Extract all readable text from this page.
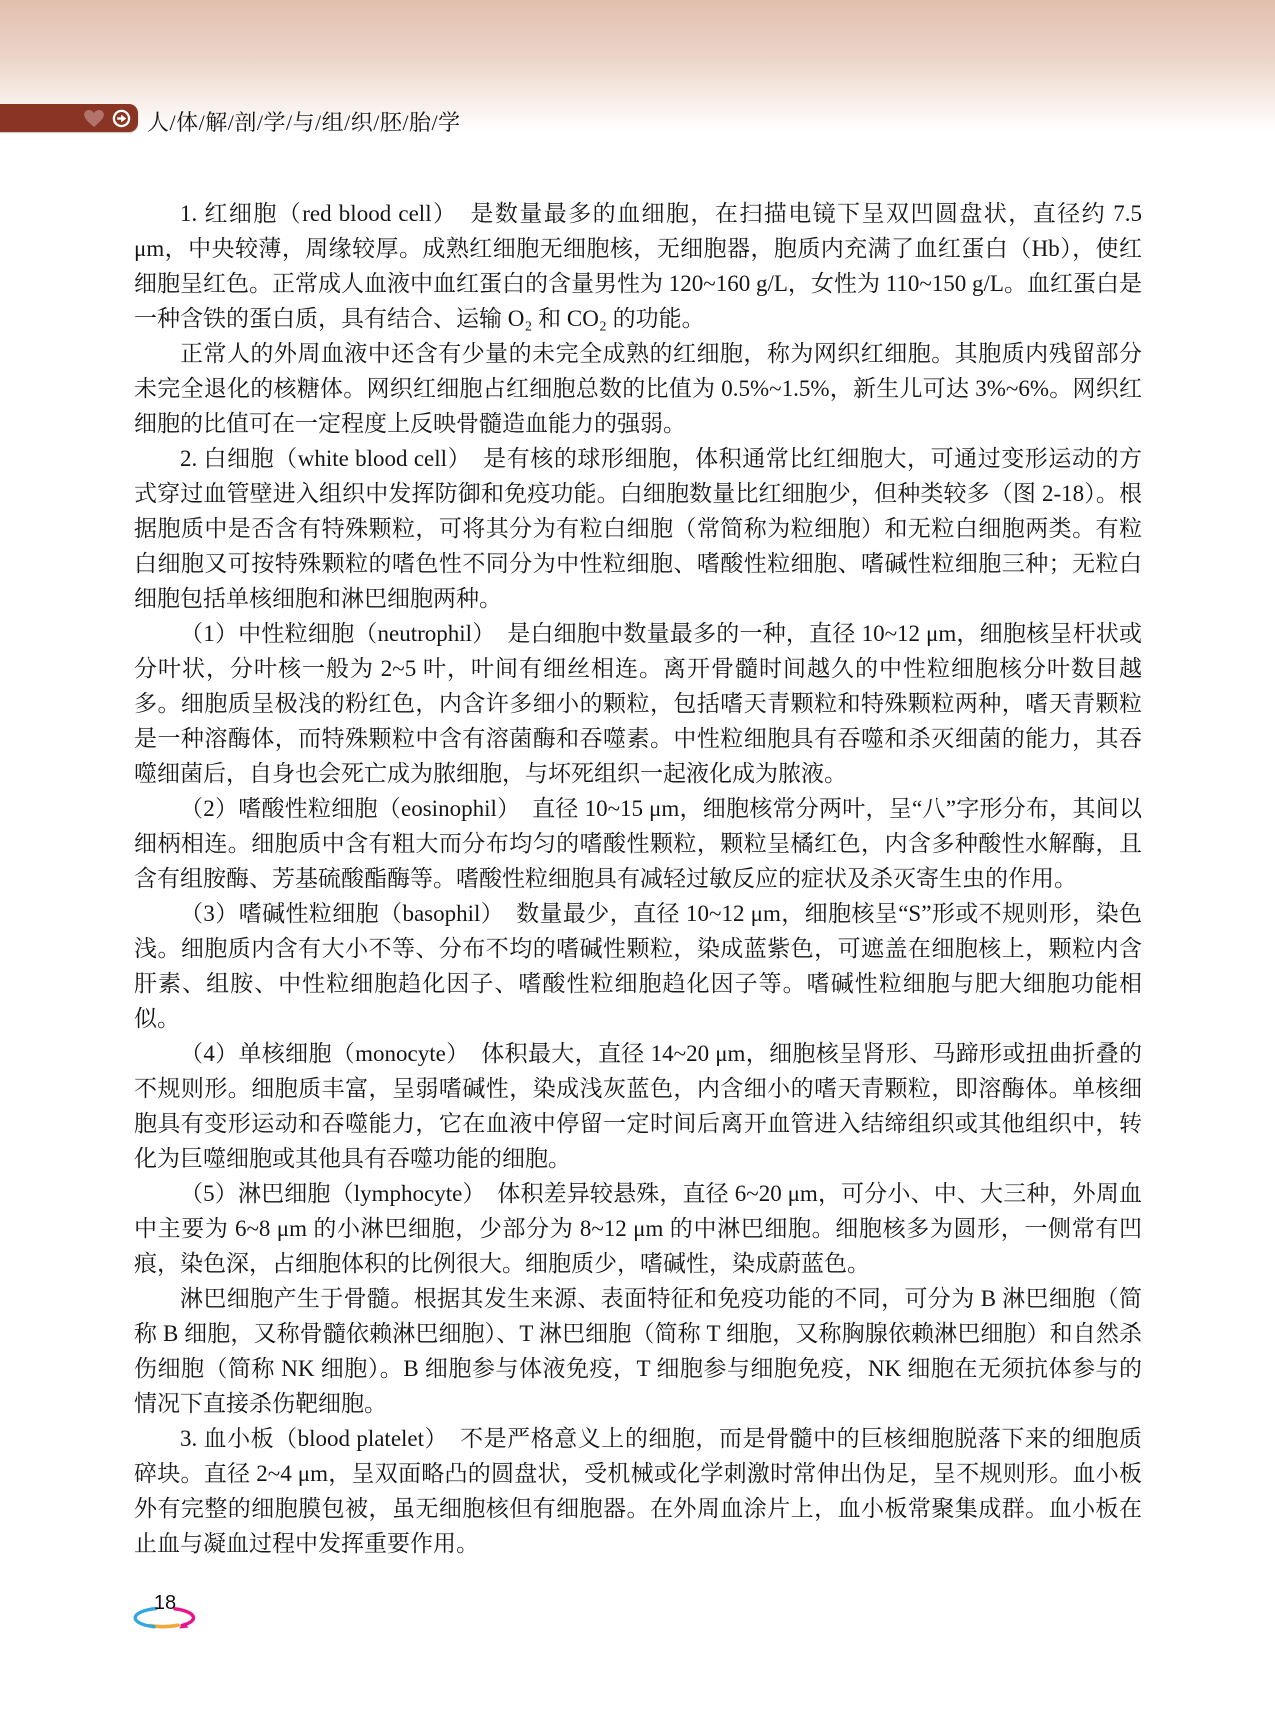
人/体/解/剖/学/与/组/织/胚/胎/学

1. 红细胞（red blood cell）　是数量最多的血细胞，在扫描电镜下呈双凹圆盘状，直径约 7.5 μm，中央较薄，周缘较厚。成熟红细胞无细胞核，无细胞器，胞质内充满了血红蛋白（Hb），使红细胞呈红色。正常成人血液中血红蛋白的含量男性为 120~160 g/L，女性为 110~150 g/L。血红蛋白是一种含铁的蛋白质，具有结合、运输 O₂ 和 CO₂ 的功能。

正常人的外周血液中还含有少量的未完全成熟的红细胞，称为网织红细胞。其胞质内残留部分未完全退化的核糖体。网织红细胞占红细胞总数的比值为 0.5%~1.5%，新生儿可达 3%~6%。网织红细胞的比值可在一定程度上反映骨髓造血能力的强弱。

2. 白细胞（white blood cell）　是有核的球形细胞，体积通常比红细胞大，可通过变形运动的方式穿过血管壁进入组织中发挥防御和免疫功能。白细胞数量比红细胞少，但种类较多（图 2-18）。根据胞质中是否含有特殊颗粒，可将其分为有粒白细胞（常简称为粒细胞）和无粒白细胞两类。有粒白细胞又可按特殊颗粒的嗜色性不同分为中性粒细胞、嗜酸性粒细胞、嗜碱性粒细胞三种；无粒白细胞包括单核细胞和淋巴细胞两种。

（1）中性粒细胞（neutrophil）　是白细胞中数量最多的一种，直径 10~12 μm，细胞核呈杆状或分叶状，分叶核一般为 2~5 叶，叶间有细丝相连。离开骨髓时间越久的中性粒细胞核分叶数目越多。细胞质呈极浅的粉红色，内含许多细小的颗粒，包括嗜天青颗粒和特殊颗粒两种，嗜天青颗粒是一种溶酶体，而特殊颗粒中含有溶菌酶和吞噬素。中性粒细胞具有吞噬和杀灭细菌的能力，其吞噬细菌后，自身也会死亡成为脓细胞，与坏死组织一起液化成为脓液。

（2）嗜酸性粒细胞（eosinophil）　直径 10~15 μm，细胞核常分两叶，呈“八”字形分布，其间以细柄相连。细胞质中含有粗大而分布均匀的嗜酸性颗粒，颗粒呈橘红色，内含多种酸性水解酶，且含有组胺酶、芳基硫酸酯酶等。嗜酸性粒细胞具有减轻过敏反应的症状及杀灭寄生虫的作用。

（3）嗜碱性粒细胞（basophil）　数量最少，直径 10~12 μm，细胞核呈“S”形或不规则形，染色浅。细胞质内含有大小不等、分布不均的嗜碱性颗粒，染成蓝紫色，可遮盖在细胞核上，颗粒内含肝素、组胺、中性粒细胞趋化因子、嗜酸性粒细胞趋化因子等。嗜碱性粒细胞与肥大细胞功能相似。

（4）单核细胞（monocyte）　体积最大，直径 14~20 μm，细胞核呈肾形、马蹄形或扭曲折叠的不规则形。细胞质丰富，呈弱嗜碱性，染成浅灰蓝色，内含细小的嗜天青颗粒，即溶酶体。单核细胞具有变形运动和吞噬能力，它在血液中停留一定时间后离开血管进入结缔组织或其他组织中，转化为巨噬细胞或其他具有吞噬功能的细胞。

（5）淋巴细胞（lymphocyte）　体积差异较悬殊，直径 6~20 μm，可分小、中、大三种，外周血中主要为 6~8 μm 的小淋巴细胞，少部分为 8~12 μm 的中淋巴细胞。细胞核多为圆形，一侧常有凹痕，染色深，占细胞体积的比例很大。细胞质少，嗜碱性，染成蔚蓝色。

淋巴细胞产生于骨髓。根据其发生来源、表面特征和免疫功能的不同，可分为 B 淋巴细胞（简称 B 细胞，又称骨髓依赖淋巴细胞）、T 淋巴细胞（简称 T 细胞，又称胸腺依赖淋巴细胞）和自然杀伤细胞（简称 NK 细胞）。B 细胞参与体液免疫，T 细胞参与细胞免疫，NK 细胞在无须抗体参与的情况下直接杀伤靶细胞。

3. 血小板（blood platelet）　不是严格意义上的细胞，而是骨髓中的巨核细胞脱落下来的细胞质碎块。直径 2~4 μm，呈双面略凸的圆盘状，受机械或化学刺激时常伸出伪足，呈不规则形。血小板外有完整的细胞膜包被，虽无细胞核但有细胞器。在外周血涂片上，血小板常聚集成群。血小板在止血与凝血过程中发挥重要作用。

18
